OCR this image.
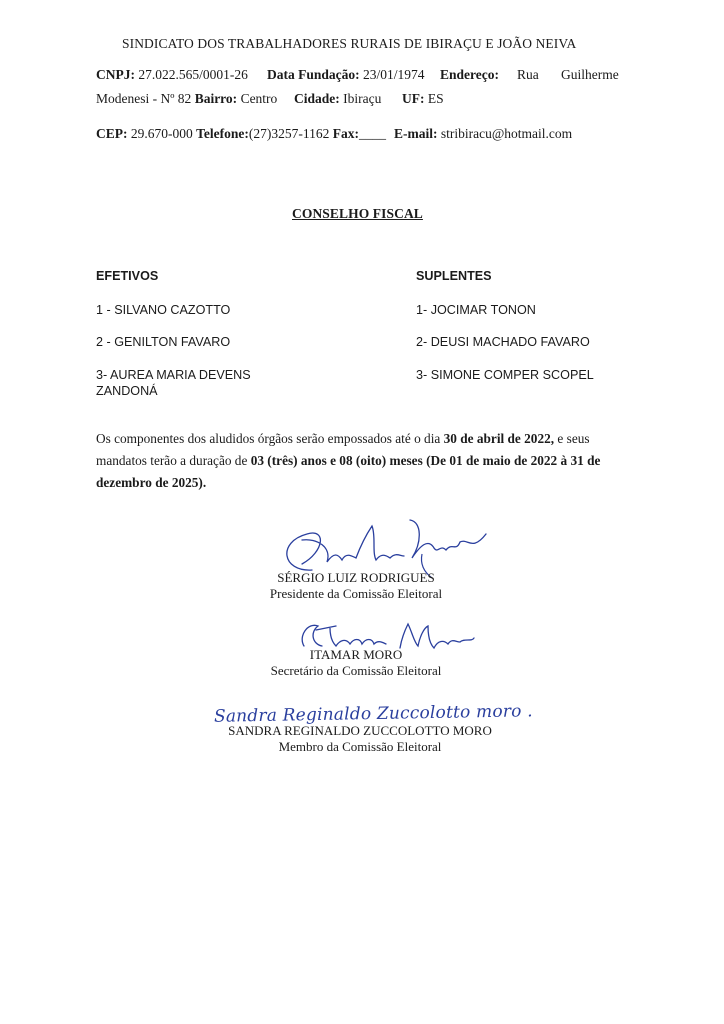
SINDICATO DOS TRABALHADORES RURAIS DE IBIRAÇU E JOÃO NEIVA
CNPJ: 27.022.565/0001-26 Data Fundação: 23/01/1974 Endereço: Rua Guilherme
Modenesi - Nº 82 Bairro: Centro Cidade: Ibiraçu UF: ES
CEP: 29.670-000 Telefone:(27)3257-1162 Fax:____ E-mail: stribiracu@hotmail.com
CONSELHO FISCAL
EFETIVOS
1 - SILVANO CAZOTTO
2 - GENILTON FAVARO
3- AUREA MARIA DEVENS
ZANDONÁ
SUPLENTES
1- JOCIMAR TONON
2- DEUSI MACHADO FAVARO
3- SIMONE COMPER SCOPEL
Os componentes dos aludidos órgãos serão empossados até o dia 30 de abril de 2022, e seus mandatos terão a duração de 03 (três) anos e 08 (oito) meses (De 01 de maio de 2022 à 31 de dezembro de 2025).
SÉRGIO LUIZ RODRIGUES
Presidente da Comissão Eleitoral
ITAMAR MORO
Secretário da Comissão Eleitoral
Sandra Reginaldo Zuccolotto moro .
SANDRA REGINALDO ZUCCOLOTTO MORO
Membro da Comissão Eleitoral
